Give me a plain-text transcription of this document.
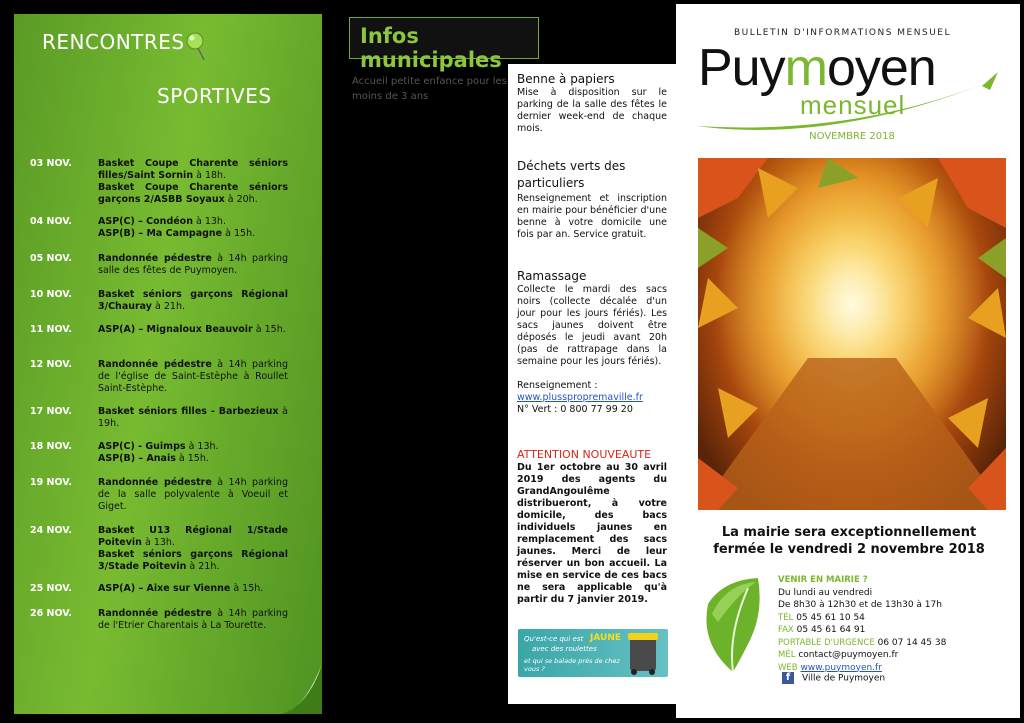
RENCONTRES
SPORTIVES
03 NOV.	Basket Coupe Charente séniors filles/Saint Sornin à 18h.
Basket Coupe Charente séniors garçons 2/ASBB Soyaux à 20h.
04 NOV.	ASP(C) – Condéon à 13h.
ASP(B) – Ma Campagne à 15h.
05 NOV.	Randonnée pédestre à 14h parking salle des fêtes de Puymoyen.
10 NOV.	Basket séniors garçons Régional 3/Chauray à 21h.
11 NOV.	ASP(A) – Mignaloux Beauvoir à 15h.
12 NOV.	Randonnée pédestre à 14h parking de l'église de Saint-Estèphe à Roullet Saint-Estèphe.
17 NOV.	Basket séniors filles - Barbezieux à 19h.
18 NOV.	ASP(C) - Guimps à 13h.
ASP(B) – Anais à 15h.
19 NOV.	Randonnée pédestre à 14h parking de la salle polyvalente à Voeuil et Giget.
24 NOV.	Basket U13 Régional 1/Stade Poitevin à 13h.
Basket séniors garçons Régional 3/Stade Poitevin à 21h.
25 NOV.	ASP(A) – Aixe sur Vienne à 15h.
26 NOV.	Randonnée pédestre à 14h parking de l'Etrier Charentais à La Tourette.
Infos municipales
Accueil petite enfance pour les moins de 3 ans
Benne à papiers
Mise à disposition sur le parking de la salle des fêtes le dernier week-end de chaque mois.
Déchets verts des particuliers
Renseignement et inscription en mairie pour bénéficier d'une benne à votre domicile une fois par an. Service gratuit.
Ramassage
Collecte le mardi des sacs noirs (collecte décalée d'un jour pour les jours fériés). Les sacs jaunes doivent être déposés le jeudi avant 20h (pas de rattrapage dans la semaine pour les jours fériés).
Renseignement :
www.plusspropremaville.fr
N° Vert : 0 800 77 99 20
ATTENTION NOUVEAUTE
Du 1er octobre au 30 avril 2019 des agents du GrandAngoulême distribueront, à votre domicile, des bacs individuels jaunes en remplacement des sacs jaunes. Merci de leur réserver un bon accueil. La mise en service de ces bacs ne sera applicable qu'à partir du 7 janvier 2019.
Qu'est-ce qui est JAUNE
avec des roulettes
et qui se balade près de chez vous ?
BULLETIN D'INFORMATIONS MENSUEL
Puymoyen
mensuel
NOVEMBRE 2018
La mairie sera exceptionnellement fermée le vendredi 2 novembre 2018
VENIR EN MAIRIE ?
Du lundi au vendredi
De 8h30 à 12h30 et de 13h30 à 17h
TÉL 05 45 61 10 54
FAX 05 45 61 64 91
PORTABLE D'URGENCE 06 07 14 45 38
MÉL contact@puymoyen.fr
WEB www.puymoyen.fr
f Ville de Puymoyen
